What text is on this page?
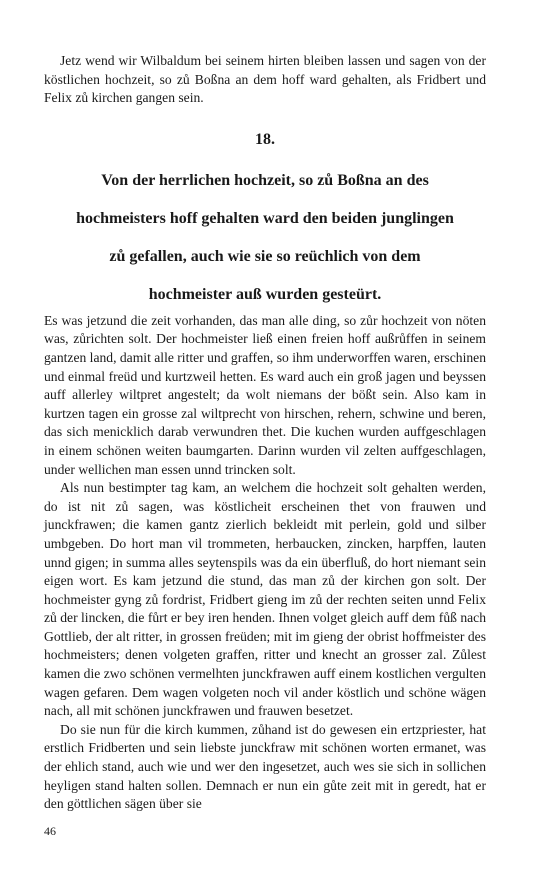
Jetz wend wir Wilbaldum bei seinem hirten bleiben lassen und sagen von der köstlichen hochzeit, so zů Boßna an dem hoff ward gehalten, als Fridbert und Felix zů kirchen gangen sein.

18.
Von der herrlichen hochzeit, so zů Boßna an des
hochmeisters hoff gehalten ward den beiden junglingen
zů gefallen, auch wie sie so reüchlich von dem
hochmeister auß wurden gesteürt.

Es was jetzund die zeit vorhanden, das man alle ding, so zůr hochzeit von nöten was, zůrichten solt. Der hochmeister ließ einen freien hoff außrůffen in seinem gantzen land, damit alle ritter und graffen, so ihm underworffen waren, erschinen und einmal freüd und kurtzweil hetten. Es ward auch ein groß jagen und beyssen auff allerley wiltpret angestelt; da wolt niemans der bößt sein. Also kam in kurtzen tagen ein grosse zal wiltprecht von hirschen, rehern, schwine und beren, das sich menicklich darab verwundren thet. Die kuchen wurden auffgeschlagen in einem schönen weiten baumgarten. Darinn wurden vil zelten auffgeschlagen, under wellichen man essen unnd trincken solt.

Als nun bestimpter tag kam, an welchem die hochzeit solt gehalten werden, do ist nit zů sagen, was köstlicheit erscheinen thet von frauwen und junckfrawen; die kamen gantz zierlich bekleidt mit perlein, gold und silber umbgeben. Do hort man vil trommeten, herbaucken, zincken, harpffen, lauten unnd gigen; in summa alles seytenspils was da ein überfluß, do hort niemant sein eigen wort. Es kam jetzund die stund, das man zů der kirchen gon solt. Der hochmeister gyng zů fordrist, Fridbert gieng im zů der rechten seiten unnd Felix zů der lincken, die fůrt er bey iren henden. Ihnen volget gleich auff dem fůß nach Gottlieb, der alt ritter, in grossen freüden; mit im gieng der obrist hoffmeister des hochmeisters; denen volgeten graffen, ritter und knecht an grosser zal. Zůlest kamen die zwo schönen vermelhten junckfrawen auff einem kostlichen vergulten wagen gefaren. Dem wagen volgeten noch vil ander köstlich und schöne wägen nach, all mit schönen junckfrawen und frauwen besetzet.

Do sie nun für die kirch kummen, zůhand ist do gewesen ein ertzpriester, hat erstlich Fridberten und sein liebste junckfraw mit schönen worten ermanet, was der ehlich stand, auch wie und wer den ingesetzet, auch wes sie sich in sollichen heyligen stand halten sollen. Demnach er nun ein gůte zeit mit in geredt, hat er den göttlichen sägen über sie

46
